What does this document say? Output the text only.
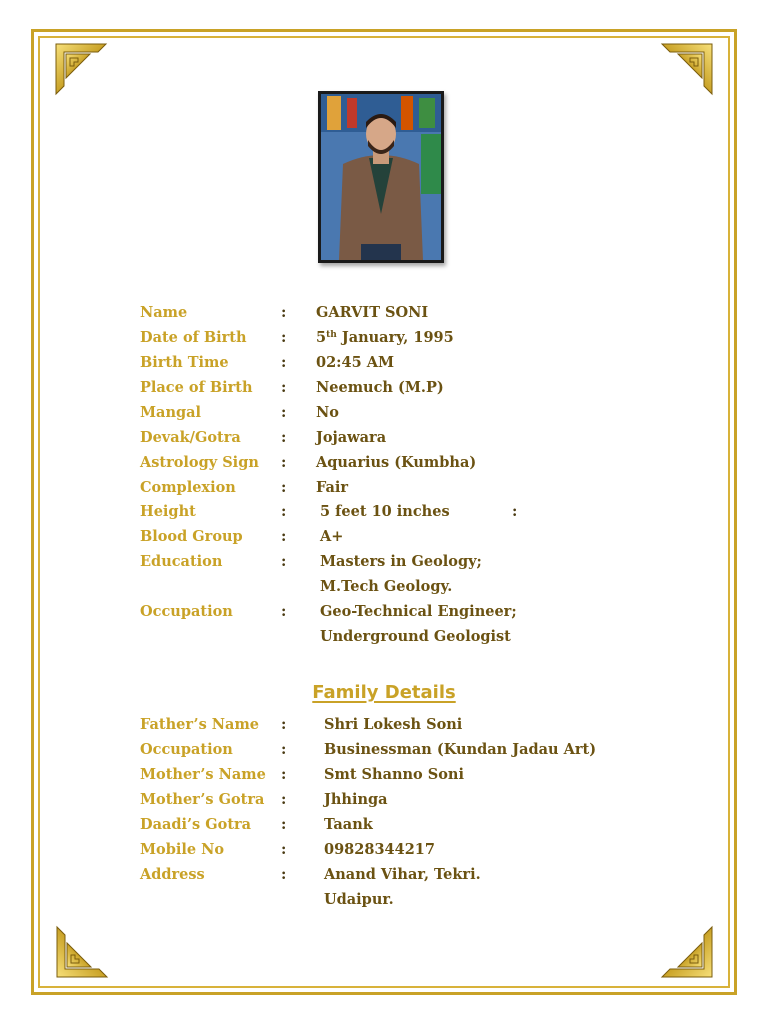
Name	: GARVIT SONI
Date of Birth : 5th January, 1995
Birth Time	: 02:45 AM
Place of Birth : Neemuch (M.P)
Mangal	: No
Devak/Gotra	: Jojawara
Astrology Sign : Aquarius (Kumbha)
Complexion	: Fair
Height	: 5 feet 10 inches	:
Blood Group	: A+
Education	: Masters in Geology;
M.Tech Geology.
Occupation	: Geo-Technical Engineer;
Underground Geologist
Family Details
Father’s Name :	Shri Lokesh Soni
Occupation	:	Businessman (Kundan Jadau Art)
Mother’s Name :	Smt Shanno Soni
Mother’s Gotra :	Jhhinga
Daadi’s Gotra :	Taank
Mobile No	:	09828344217
Address	:	Anand Vihar, Tekri.
Udaipur.
